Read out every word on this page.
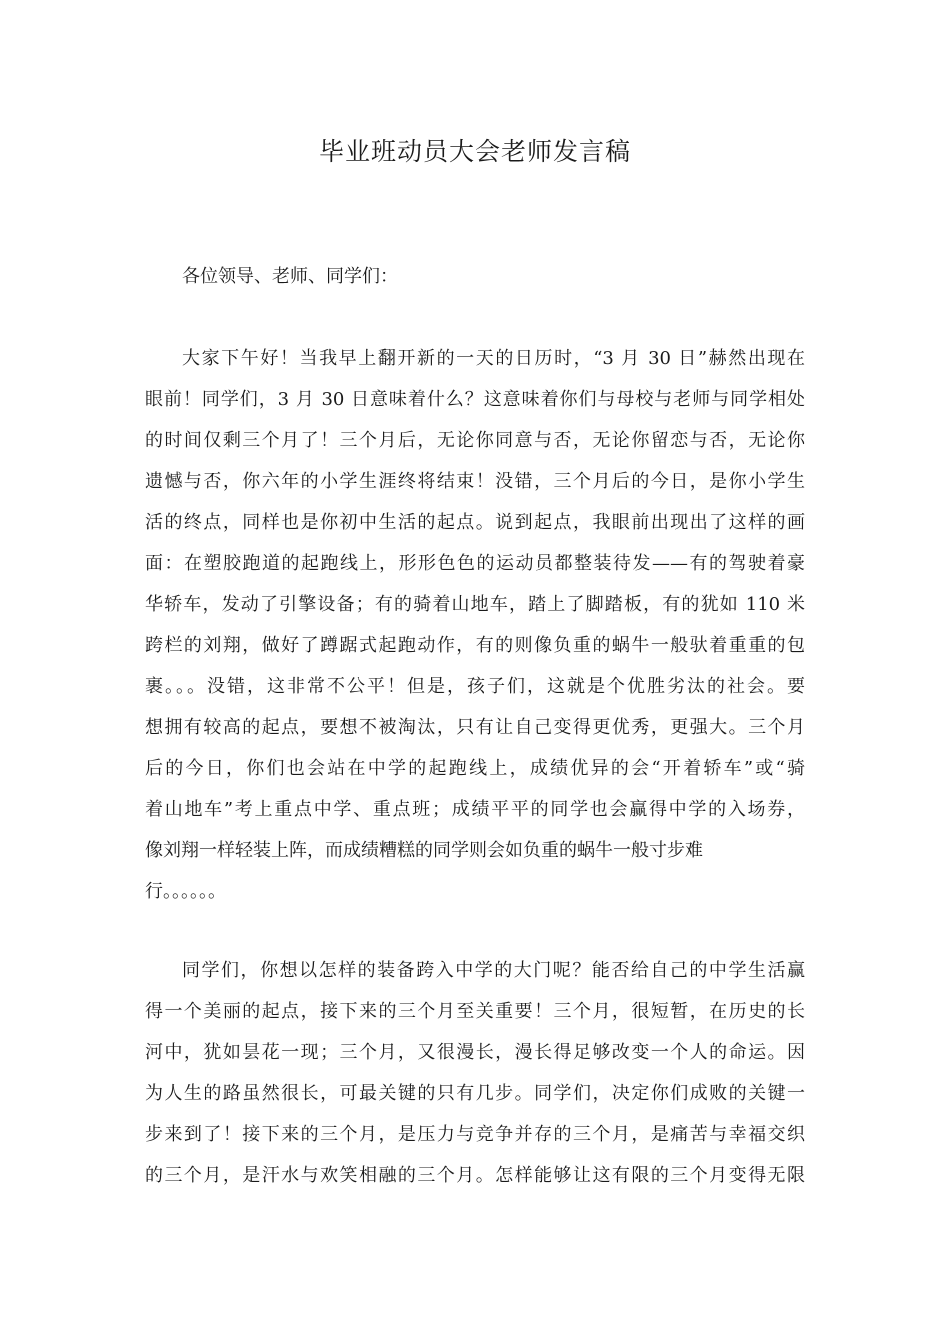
毕业班动员大会老师发言稿
各位领导、老师、同学们：
大家下午好！当我早上翻开新的一天的日历时，“3 月 30 日”赫然出现在
眼前！同学们，3 月 30 日意味着什么？这意味着你们与母校与老师与同学相处
的时间仅剩三个月了！三个月后，无论你同意与否，无论你留恋与否，无论你
遗憾与否，你六年的小学生涯终将结束！没错，三个月后的今日，是你小学生
活的终点，同样也是你初中生活的起点。说到起点，我眼前出现出了这样的画
面：在塑胶跑道的起跑线上，形形色色的运动员都整装待发——有的驾驶着豪
华轿车，发动了引擎设备；有的骑着山地车，踏上了脚踏板，有的犹如 110 米
跨栏的刘翔，做好了蹲踞式起跑动作，有的则像负重的蜗牛一般驮着重重的包
裹。。。没错，这非常不公平！但是，孩子们，这就是个优胜劣汰的社会。要
想拥有较高的起点，要想不被淘汰，只有让自己变得更优秀，更强大。三个月
后的今日，你们也会站在中学的起跑线上，成绩优异的会“开着轿车”或“骑
着山地车”考上重点中学、重点班；成绩平平的同学也会赢得中学的入场券，
像刘翔一样轻装上阵，而成绩糟糕的同学则会如负重的蜗牛一般寸步难
行。。。。。。
同学们，你想以怎样的装备跨入中学的大门呢？能否给自己的中学生活赢
得一个美丽的起点，接下来的三个月至关重要！三个月，很短暂，在历史的长
河中，犹如昙花一现；三个月，又很漫长，漫长得足够改变一个人的命运。因
为人生的路虽然很长，可最关键的只有几步。同学们，决定你们成败的关键一
步来到了！接下来的三个月，是压力与竞争并存的三个月，是痛苦与幸福交织
的三个月，是汗水与欢笑相融的三个月。怎样能够让这有限的三个月变得无限
